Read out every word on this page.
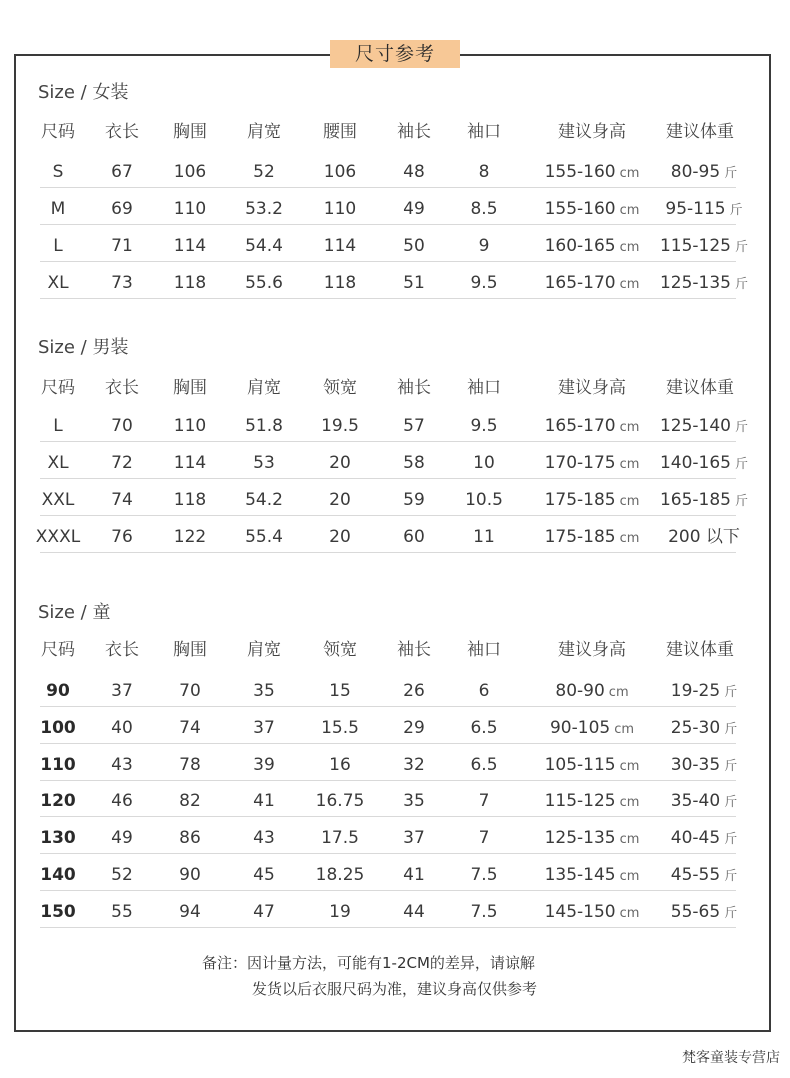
尺寸参考
Size / 女装
尺码	衣长	胸围	肩宽	腰围	袖长	袖口	建议身高	建议体重
S	67	106	52	106	48	8	155-160 cm	80-95 斤
M	69	110	53.2	110	49	8.5	155-160 cm	95-115 斤
L	71	114	54.4	114	50	9	160-165 cm	115-125 斤
XL	73	118	55.6	118	51	9.5	165-170 cm	125-135 斤
Size / 男装
尺码	衣长	胸围	肩宽	领宽	袖长	袖口	建议身高	建议体重
L	70	110	51.8	19.5	57	9.5	165-170 cm	125-140 斤
XL	72	114	53	20	58	10	170-175 cm	140-165 斤
XXL	74	118	54.2	20	59	10.5	175-185 cm	165-185 斤
XXXL	76	122	55.4	20	60	11	175-185 cm	200 以下
Size / 童
尺码	衣长	胸围	肩宽	领宽	袖长	袖口	建议身高	建议体重
90	37	70	35	15	26	6	80-90 cm	19-25 斤
100	40	74	37	15.5	29	6.5	90-105 cm	25-30 斤
110	43	78	39	16	32	6.5	105-115 cm	30-35 斤
120	46	82	41	16.75	35	7	115-125 cm	35-40 斤
130	49	86	43	17.5	37	7	125-135 cm	40-45 斤
140	52	90	45	18.25	41	7.5	135-145 cm	45-55 斤
150	55	94	47	19	44	7.5	145-150 cm	55-65 斤
备注：因计量方法，可能有1-2CM的差异，请谅解
发货以后衣服尺码为准，建议身高仅供参考
梵客童装专营店
